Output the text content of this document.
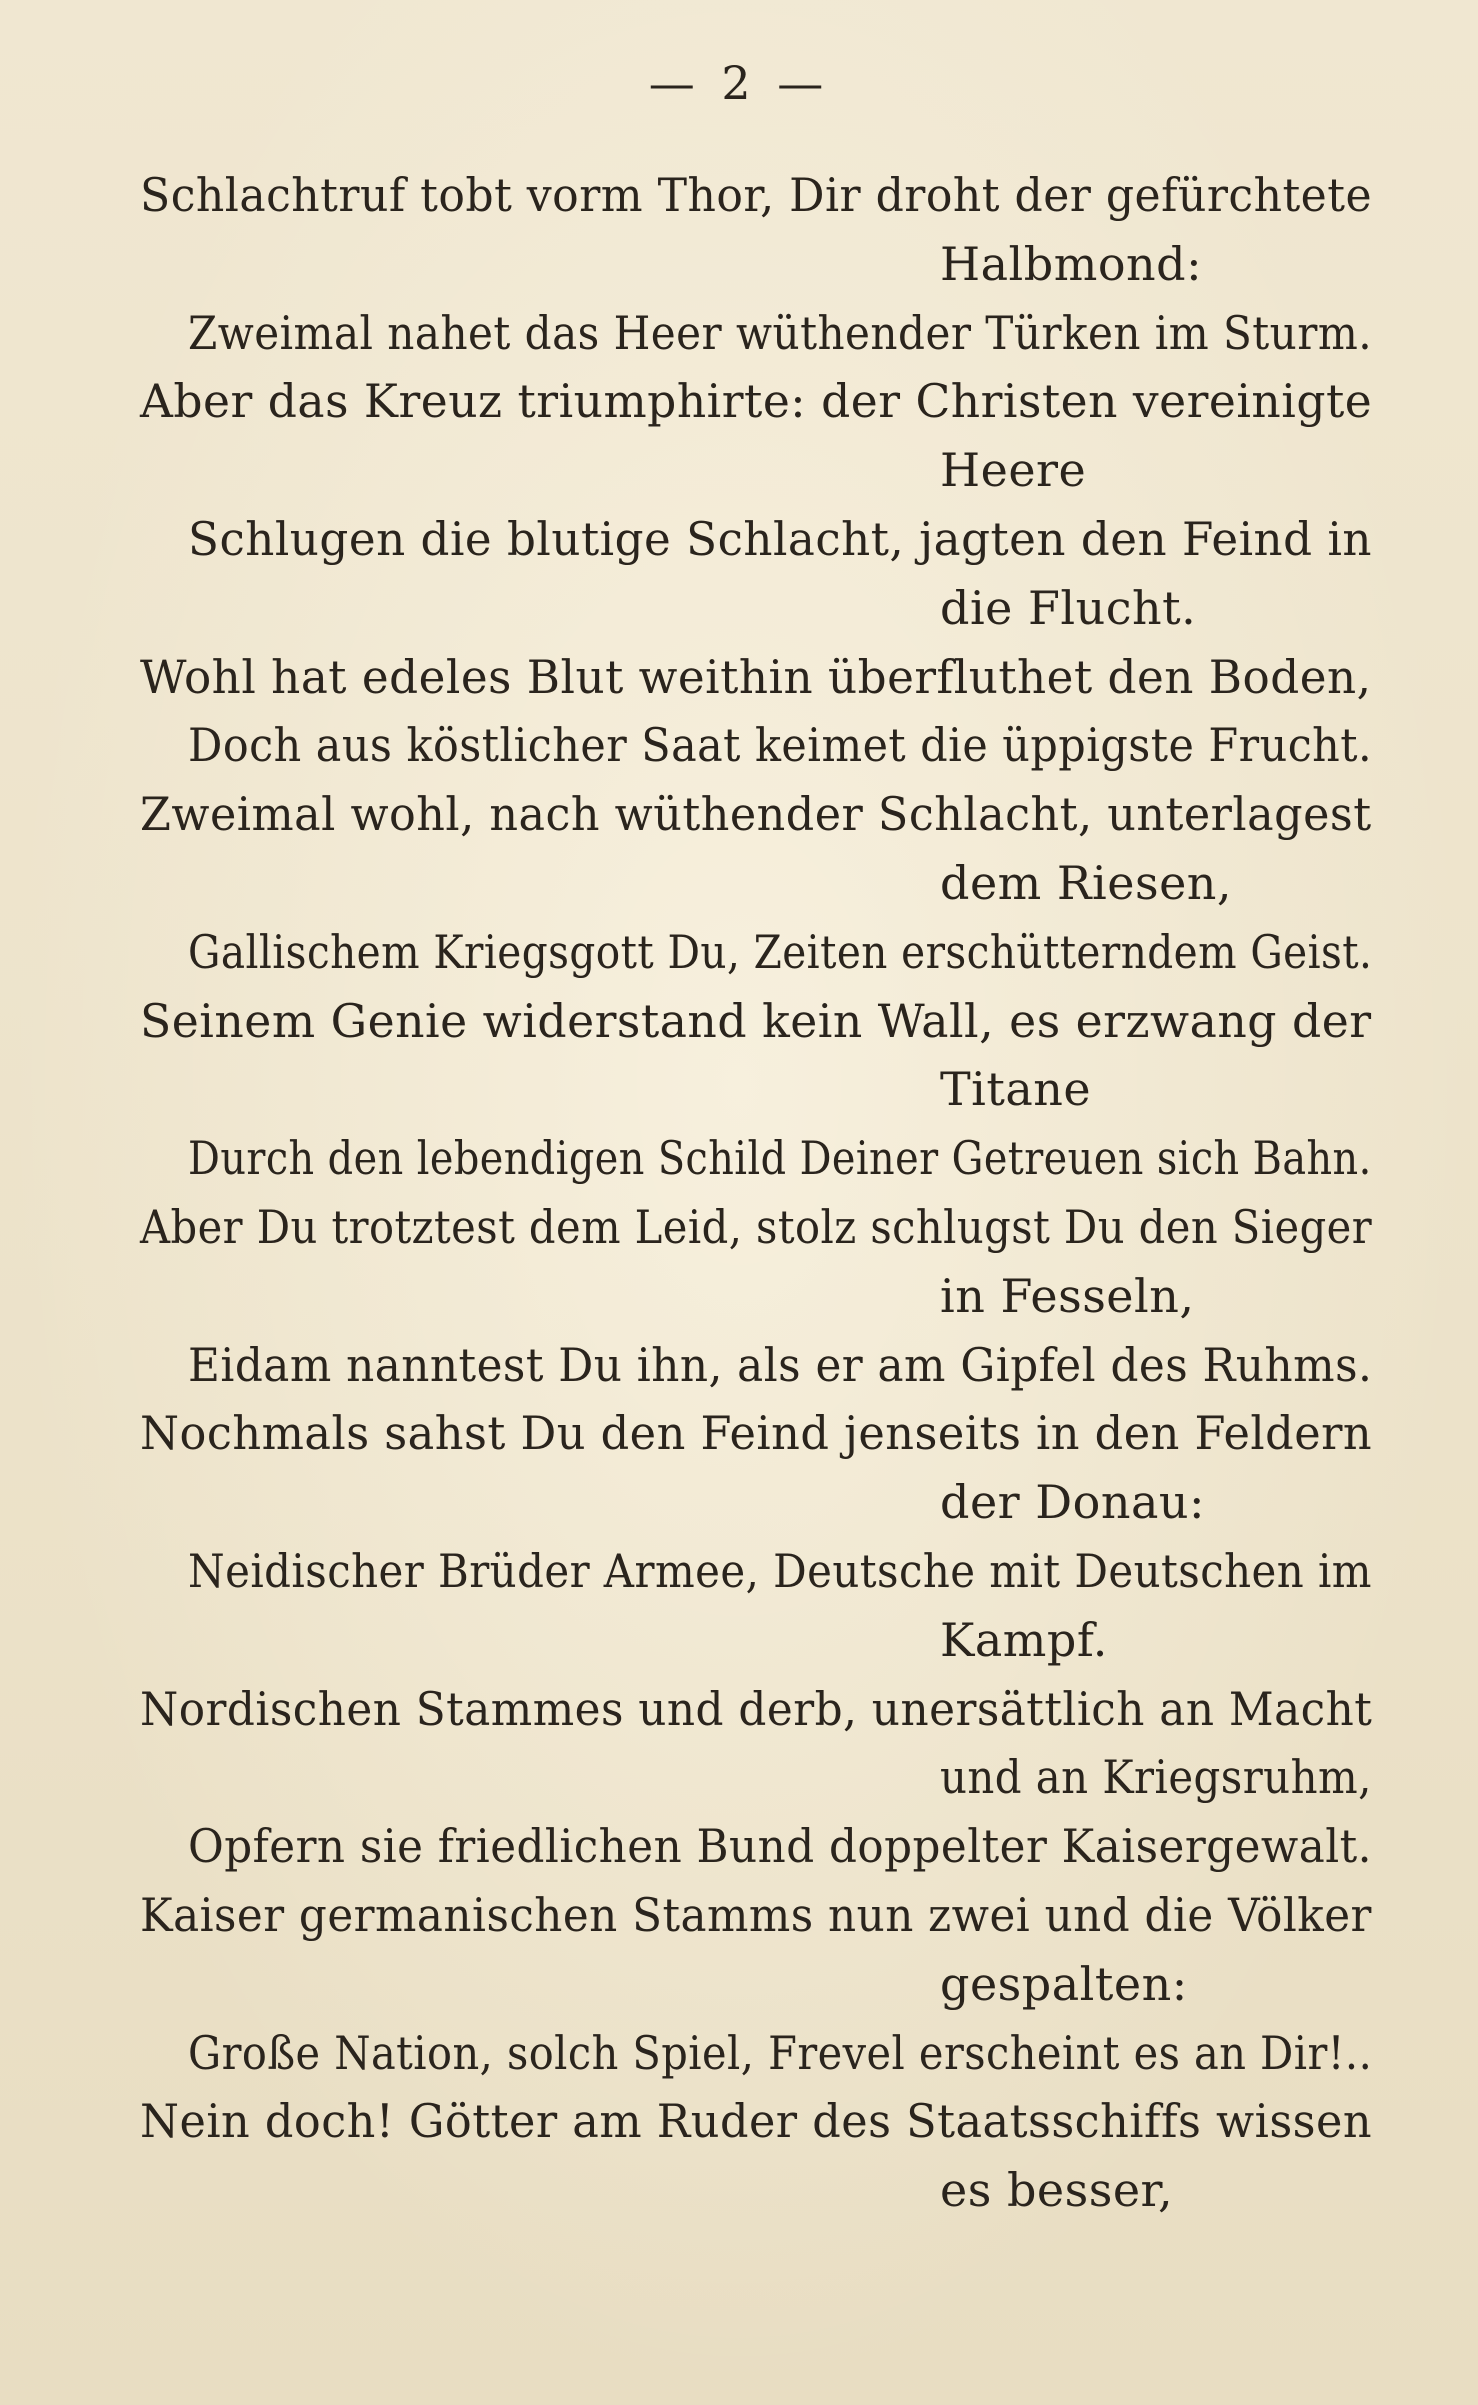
— 2 —
Schlachtruf tobt vorm Thor, Dir droht der gefürchtete
Halbmond:
Zweimal nahet das Heer wüthender Türken im Sturm.
Aber das Kreuz triumphirte: der Christen vereinigte
Heere
Schlugen die blutige Schlacht, jagten den Feind in
die Flucht.
Wohl hat edeles Blut weithin überfluthet den Boden,
Doch aus köstlicher Saat keimet die üppigste Frucht.
Zweimal wohl, nach wüthender Schlacht, unterlagest
dem Riesen,
Gallischem Kriegsgott Du, Zeiten erschütterndem Geist.
Seinem Genie widerstand kein Wall, es erzwang der
Titane
Durch den lebendigen Schild Deiner Getreuen sich Bahn.
Aber Du trotztest dem Leid, stolz schlugst Du den Sieger
in Fesseln,
Eidam nanntest Du ihn, als er am Gipfel des Ruhms.
Nochmals sahst Du den Feind jenseits in den Feldern
der Donau:
Neidischer Brüder Armee, Deutsche mit Deutschen im
Kampf.
Nordischen Stammes und derb, unersättlich an Macht
und an Kriegsruhm,
Opfern sie friedlichen Bund doppelter Kaisergewalt.
Kaiser germanischen Stamms nun zwei und die Völker
gespalten:
Große Nation, solch Spiel, Frevel erscheint es an Dir!..
Nein doch! Götter am Ruder des Staatsschiffs wissen
es besser,
